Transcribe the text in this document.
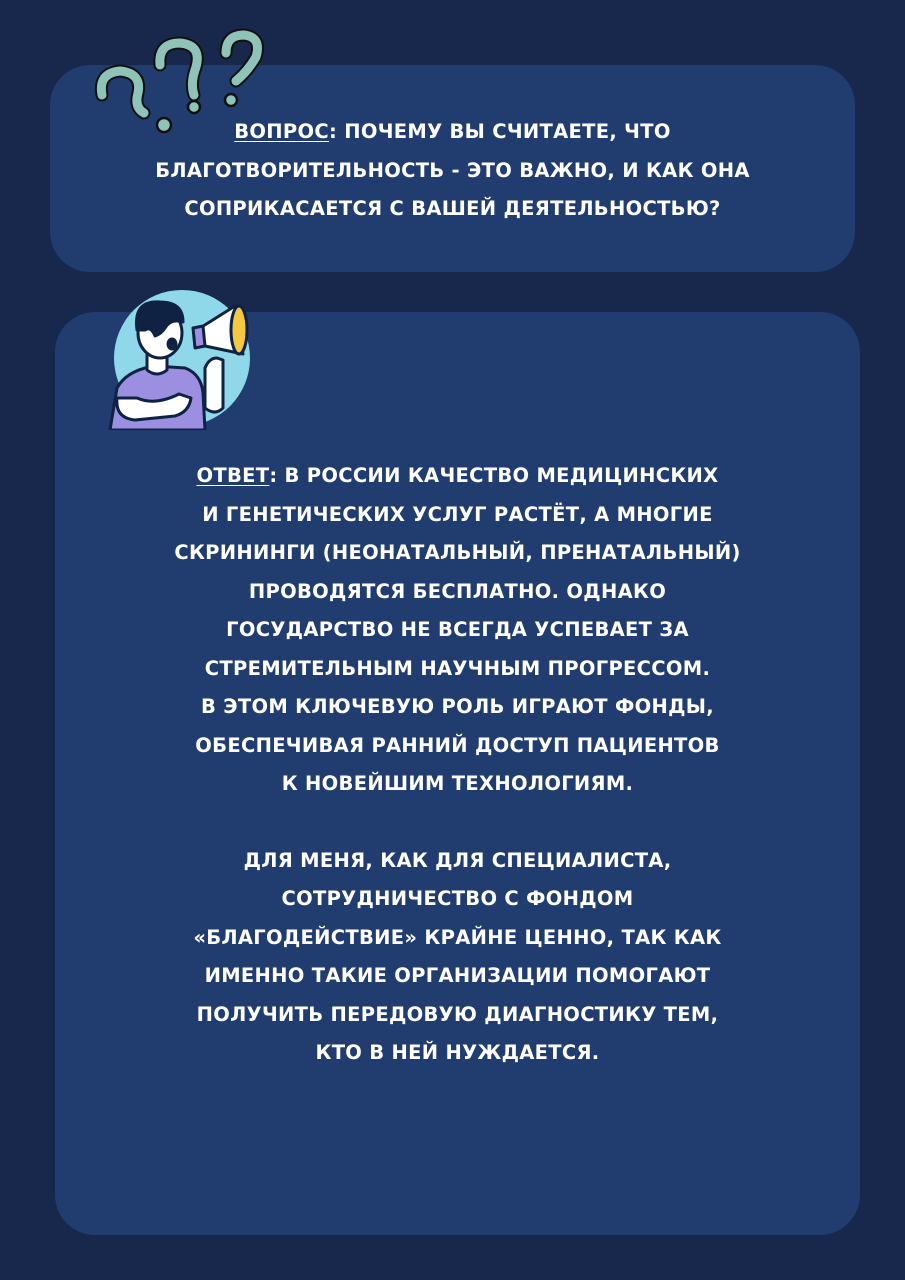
ВОПРОС: ПОЧЕМУ ВЫ СЧИТАЕТЕ, ЧТО
БЛАГОТВОРИТЕЛЬНОСТЬ - ЭТО ВАЖНО, И КАК ОНА
СОПРИКАСАЕТСЯ С ВАШЕЙ ДЕЯТЕЛЬНОСТЬЮ?
ОТВЕТ: В РОССИИ КАЧЕСТВО МЕДИЦИНСКИХ
И ГЕНЕТИЧЕСКИХ УСЛУГ РАСТЁТ, А МНОГИЕ
СКРИНИНГИ (НЕОНАТАЛЬНЫЙ, ПРЕНАТАЛЬНЫЙ)
ПРОВОДЯТСЯ БЕСПЛАТНО. ОДНАКО
ГОСУДАРСТВО НЕ ВСЕГДА УСПЕВАЕТ ЗА
СТРЕМИТЕЛЬНЫМ НАУЧНЫМ ПРОГРЕССОМ.
В ЭТОМ КЛЮЧЕВУЮ РОЛЬ ИГРАЮТ ФОНДЫ,
ОБЕСПЕЧИВАЯ РАННИЙ ДОСТУП ПАЦИЕНТОВ
К НОВЕЙШИМ ТЕХНОЛОГИЯМ.
ДЛЯ МЕНЯ, КАК ДЛЯ СПЕЦИАЛИСТА,
СОТРУДНИЧЕСТВО С ФОНДОМ
«БЛАГОДЕЙСТВИЕ» КРАЙНЕ ЦЕННО, ТАК КАК
ИМЕННО ТАКИЕ ОРГАНИЗАЦИИ ПОМОГАЮТ
ПОЛУЧИТЬ ПЕРЕДОВУЮ ДИАГНОСТИКУ ТЕМ,
КТО В НЕЙ НУЖДАЕТСЯ.
